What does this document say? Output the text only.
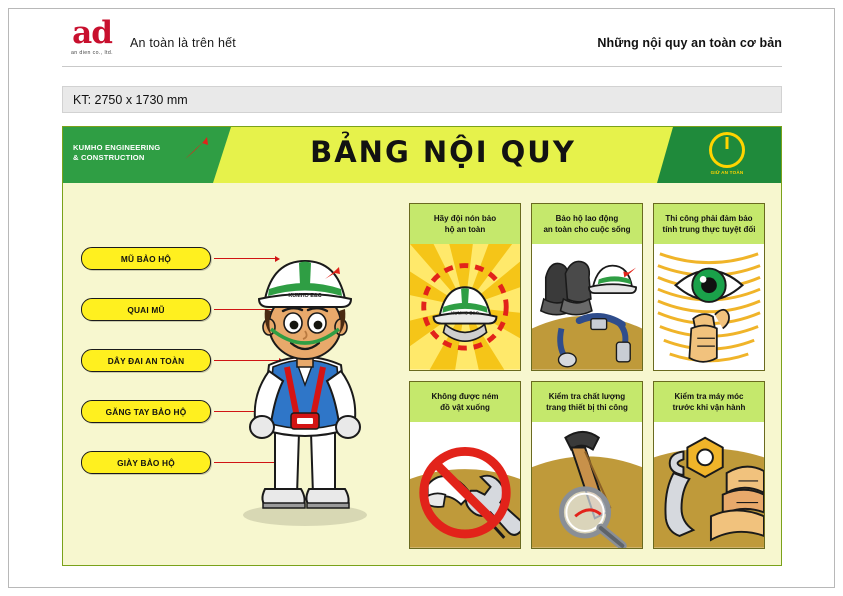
ad
an dien co., ltd.
An toàn là trên hết	Những nội quy an toàn cơ bản
KT: 2750 x 1730 mm
KUMHO ENGINEERING
& CONSTRUCTION	BẢNG NỘI QUY
GIỮ AN TOÀN
MŨ BẢO HỘ
QUAI MŨ
DÂY ĐAI AN TOÀN
GĂNG TAY BẢO HỘ
GIÀY BẢO HỘ
KUMHO E&C
Hãy đội nón bảo
hộ an toàn
KUMHO E&C
Bảo hộ lao động
an toàn cho cuộc sống
Thi công phải đảm bảo
tính trung thực tuyệt đối
Không được ném
đồ vật xuống
Kiểm tra chất lượng
trang thiết bị thi công
Kiểm tra máy móc
trước khi vận hành
